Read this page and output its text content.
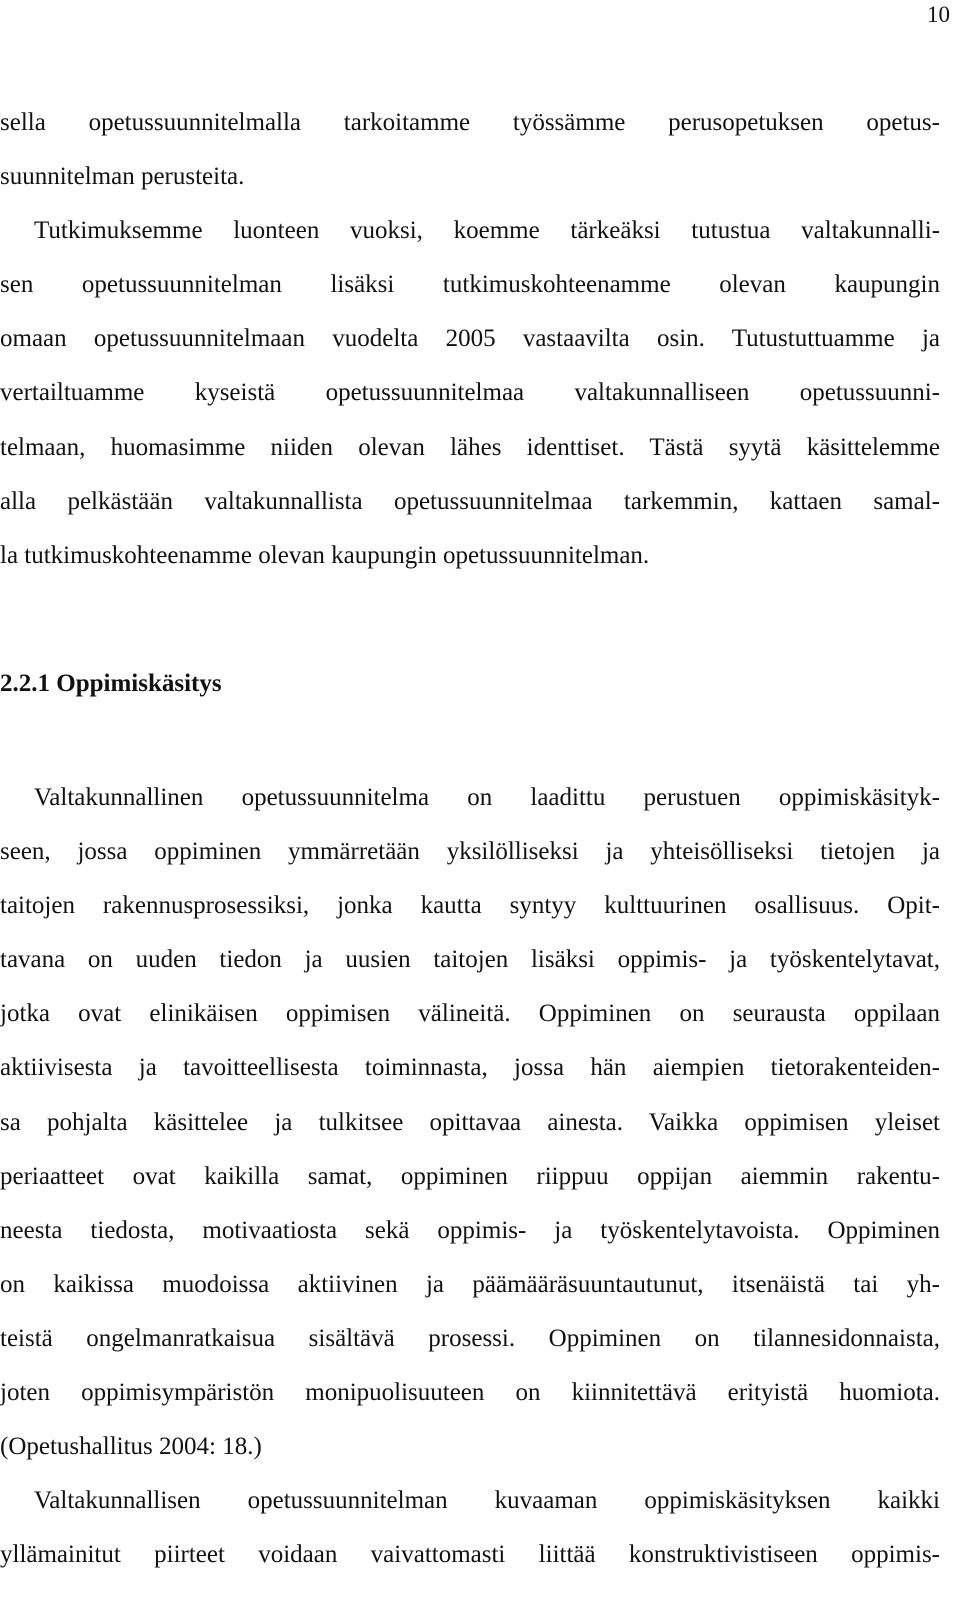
10
sella opetussuunnitelmalla tarkoitamme työssämme perusopetuksen opetus-
suunnitelman perusteita.
Tutkimuksemme luonteen vuoksi, koemme tärkeäksi tutustua valtakunnalli-
sen opetussuunnitelman lisäksi tutkimuskohteenamme olevan kaupungin
omaan opetussuunnitelmaan vuodelta 2005 vastaavilta osin. Tutustuttuamme ja
vertailtuamme kyseistä opetussuunnitelmaa valtakunnalliseen opetussuunni-
telmaan, huomasimme niiden olevan lähes identtiset. Tästä syytä käsittelemme
alla pelkästään valtakunnallista opetussuunnitelmaa tarkemmin, kattaen samal-
la tutkimuskohteenamme olevan kaupungin opetussuunnitelman.
2.2.1 Oppimiskäsitys
Valtakunnallinen opetussuunnitelma on laadittu perustuen oppimiskäsityk-
seen, jossa oppiminen ymmärretään yksilölliseksi ja yhteisölliseksi tietojen ja
taitojen rakennusprosessiksi, jonka kautta syntyy kulttuurinen osallisuus. Opit-
tavana on uuden tiedon ja uusien taitojen lisäksi oppimis- ja työskentelytavat,
jotka ovat elinikäisen oppimisen välineitä. Oppiminen on seurausta oppilaan
aktiivisesta ja tavoitteellisesta toiminnasta, jossa hän aiempien tietorakenteiden-
sa pohjalta käsittelee ja tulkitsee opittavaa ainesta. Vaikka oppimisen yleiset
periaatteet ovat kaikilla samat, oppiminen riippuu oppijan aiemmin rakentu-
neesta tiedosta, motivaatiosta sekä oppimis- ja työskentelytavoista. Oppiminen
on kaikissa muodoissa aktiivinen ja päämääräsuuntautunut, itsenäistä tai yh-
teistä ongelmanratkaisua sisältävä prosessi. Oppiminen on tilannesidonnaista,
joten oppimisympäristön monipuolisuuteen on kiinnitettävä erityistä huomiota.
(Opetushallitus 2004: 18.)
Valtakunnallisen opetussuunnitelman kuvaaman oppimiskäsityksen kaikki
yllämainitut piirteet voidaan vaivattomasti liittää konstruktivistiseen oppimis-
